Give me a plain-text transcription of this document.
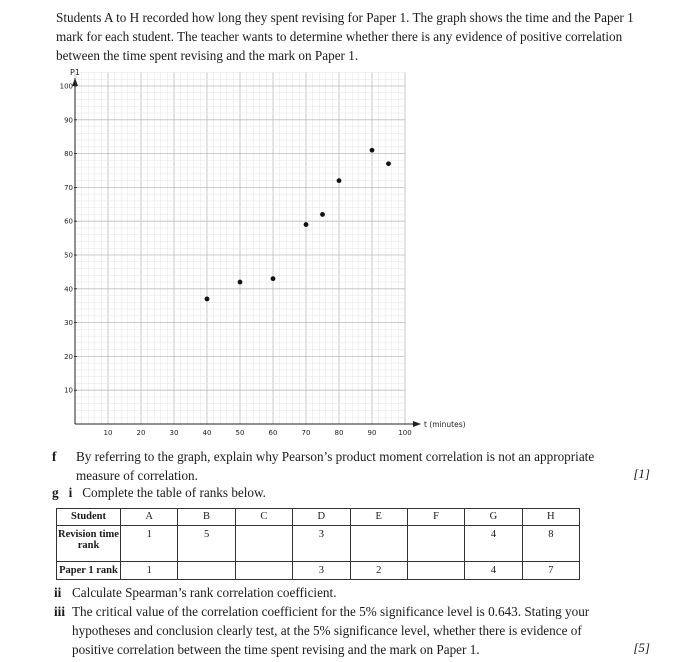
Students A to H recorded how long they spent revising for Paper 1. The graph shows the time and the Paper 1 mark for each student. The teacher wants to determine whether there is any evidence of positive correlation between the time spent revising and the mark on Paper 1.

10
20
30
40
50
60
70
80
90
100
10	20	30	40	50	60	70	80	90	100
P1
t (minutes)
f By referring to the graph, explain why Pearson’s product moment correlation is not an appropriate measure of correlation.	[1]
g i Complete the table of ranks below.
Student	A	B	C	D	E	F	G	H
Revision time rank	1	5		3			4	8
Paper 1 rank	1			3	2		4	7
ii Calculate Spearman’s rank correlation coefficient.
iii The critical value of the correlation coefficient for the 5% significance level is 0.643. Stating your hypotheses and conclusion clearly test, at the 5% significance level, whether there is evidence of positive correlation between the time spent revising and the mark on Paper 1.	[5]
